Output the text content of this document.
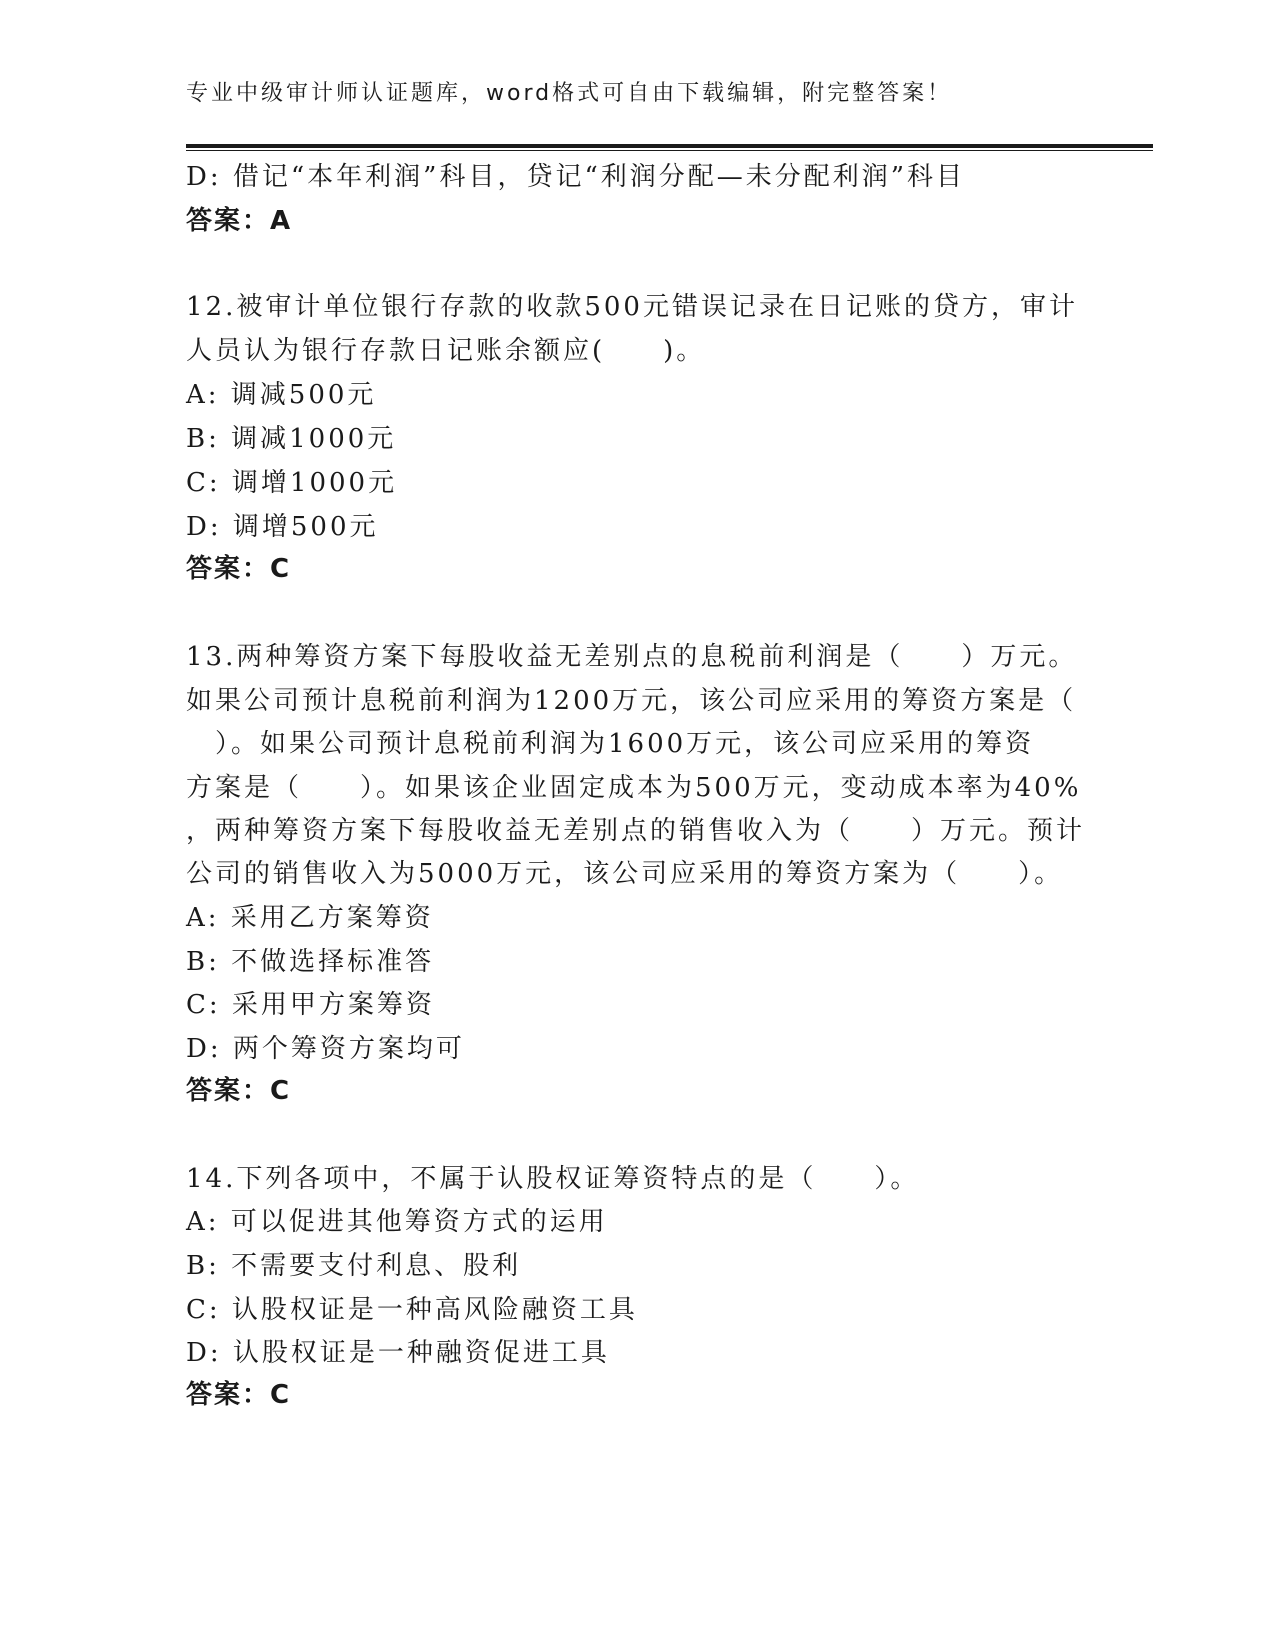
专业中级审计师认证题库，word格式可自由下载编辑，附完整答案！
D: 借记“本年利润”科目，贷记“利润分配—未分配利润”科目
答案：A
12.被审计单位银行存款的收款500元错误记录在日记账的贷方，审计
人员认为银行存款日记账余额应(　　)。
A: 调减500元
B: 调减1000元
C: 调增1000元
D: 调增500元
答案：C
13.两种筹资方案下每股收益无差别点的息税前利润是（　　）万元。
如果公司预计息税前利润为1200万元，该公司应采用的筹资方案是（
　）。如果公司预计息税前利润为1600万元，该公司应采用的筹资
方案是（　　）。如果该企业固定成本为500万元，变动成本率为40%
，两种筹资方案下每股收益无差别点的销售收入为（　　）万元。预计
公司的销售收入为5000万元，该公司应采用的筹资方案为（　　）。
A: 采用乙方案筹资
B: 不做选择标准答
C: 采用甲方案筹资
D: 两个筹资方案均可
答案：C
14.下列各项中，不属于认股权证筹资特点的是（　　）。
A: 可以促进其他筹资方式的运用
B: 不需要支付利息、股利
C: 认股权证是一种高风险融资工具
D: 认股权证是一种融资促进工具
答案：C
